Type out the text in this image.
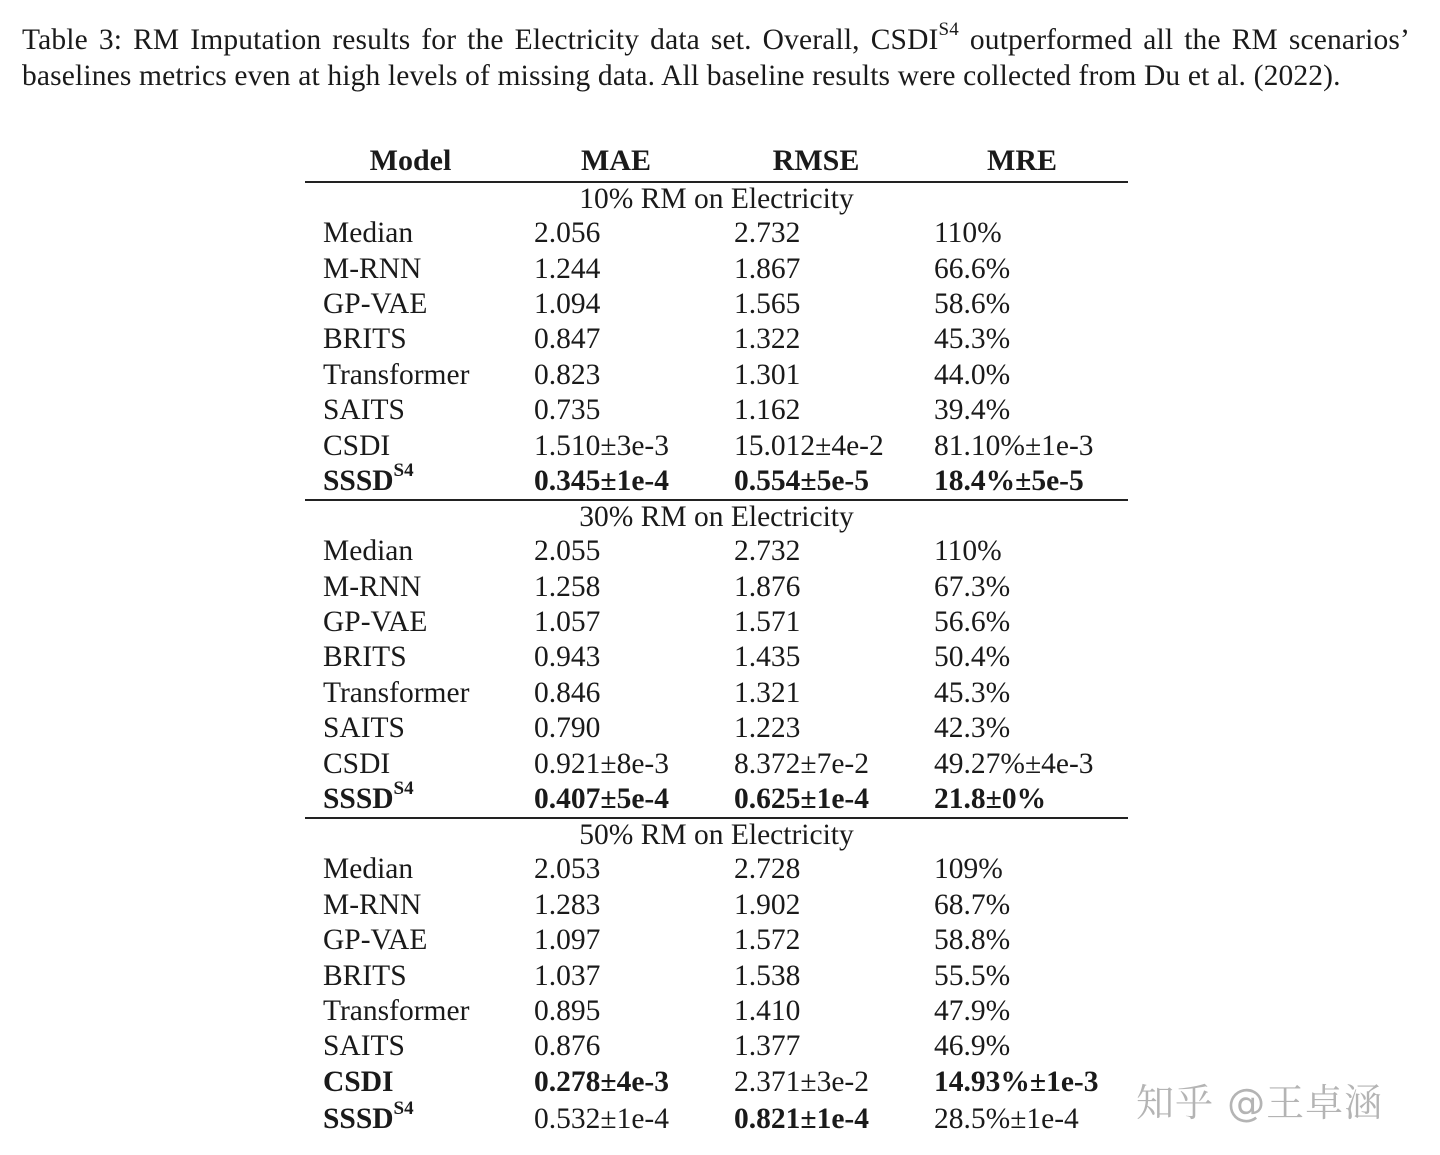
Table 3: RM Imputation results for the Electricity data set. Overall, $CSDI^{S4}$ outperformed all the RM scenarios’ baselines metrics even at high levels of missing data. All baseline results were collected from Du et al. (2022).
Model	MAE	RMSE	MRE
10% RM on Electricity			
Median	2.056	2.732	110%
M-RNN	1.244	1.867	66.6%
GP-VAE	1.094	1.565	58.6%
BRITS	0.847	1.322	45.3%
Transformer	0.823	1.301	44.0%
SAITS	0.735	1.162	39.4%
CSDI	1.510±3e-3	15.012±4e-2	81.10%±1e-3
$SSSD^{S4}$	0.345±1e-4	0.554±5e-5	18.4%±5e-5
30% RM on Electricity			
Median	2.055	2.732	110%
M-RNN	1.258	1.876	67.3%
GP-VAE	1.057	1.571	56.6%
BRITS	0.943	1.435	50.4%
Transformer	0.846	1.321	45.3%
SAITS	0.790	1.223	42.3%
CSDI	0.921±8e-3	8.372±7e-2	49.27%±4e-3
$SSSD^{S4}$	0.407±5e-4	0.625±1e-4	21.8±0%
50% RM on Electricity			
Median	2.053	2.728	109%
M-RNN	1.283	1.902	68.7%
GP-VAE	1.097	1.572	58.8%
BRITS	1.037	1.538	55.5%
Transformer	0.895	1.410	47.9%
SAITS	0.876	1.377	46.9%
CSDI	0.278±4e-3	2.371±3e-2	14.93%±1e-3
$SSSD^{S4}$	0.532±1e-4	0.821±1e-4	28.5%±1e-4 知乎 @王卓涵
